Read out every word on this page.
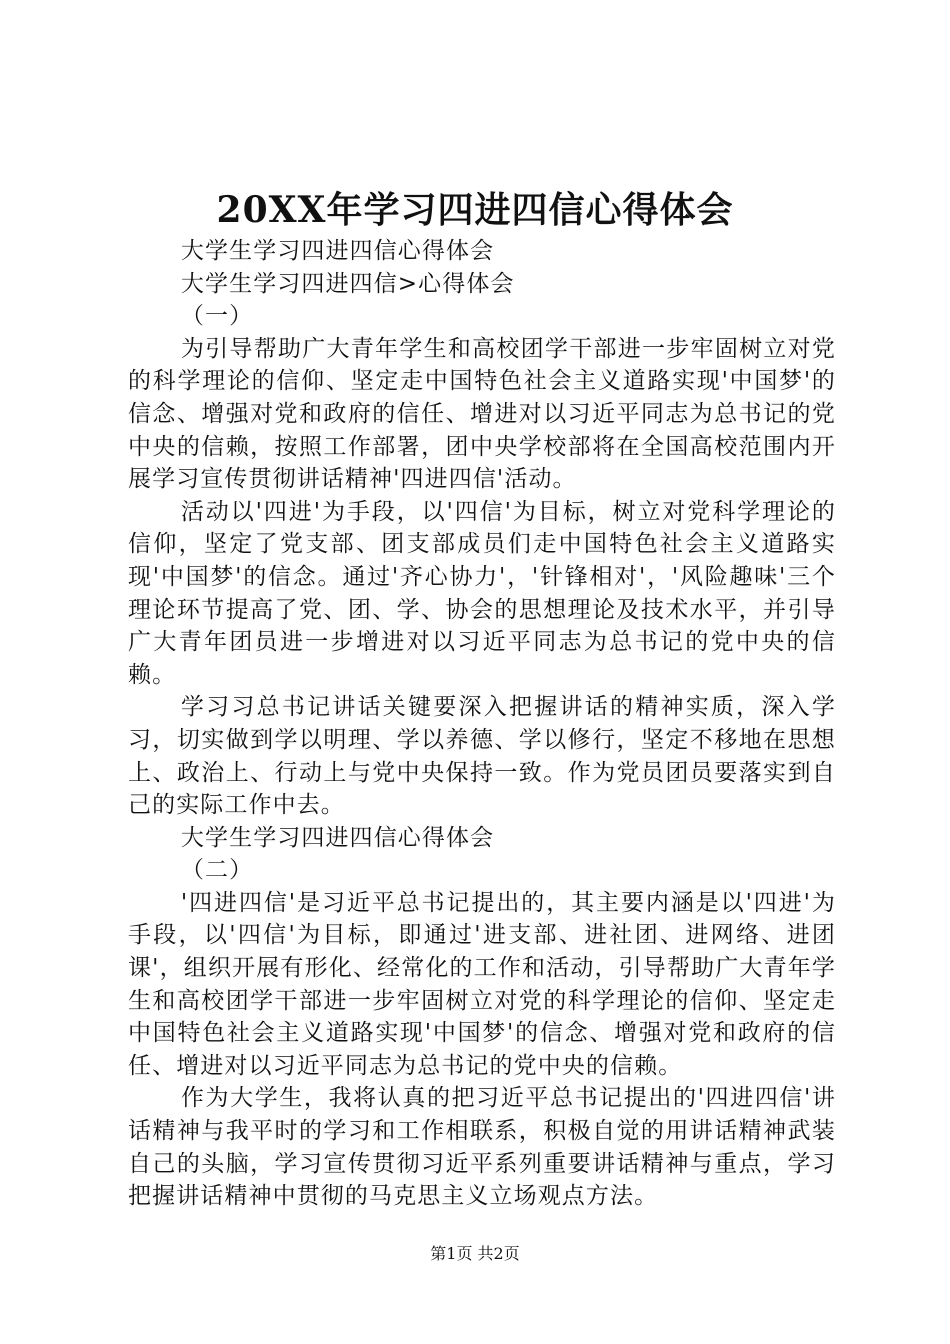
20XX年学习四进四信心得体会

大学生学习四进四信心得体会

大学生学习四进四信>心得体会

（一）

为引导帮助广大青年学生和高校团学干部进一步牢固树立对党的科学理论的信仰、坚定走中国特色社会主义道路实现'中国梦'的信念、增强对党和政府的信任、增进对以习近平同志为总书记的党中央的信赖，按照工作部署，团中央学校部将在全国高校范围内开展学习宣传贯彻讲话精神'四进四信'活动。

活动以'四进'为手段，以'四信'为目标，树立对党科学理论的信仰，坚定了党支部、团支部成员们走中国特色社会主义道路实现'中国梦'的信念。通过'齐心协力'，'针锋相对'，'风险趣味'三个理论环节提高了党、团、学、协会的思想理论及技术水平，并引导广大青年团员进一步增进对以习近平同志为总书记的党中央的信赖。

学习习总书记讲话关键要深入把握讲话的精神实质，深入学习，切实做到学以明理、学以养德、学以修行，坚定不移地在思想上、政治上、行动上与党中央保持一致。作为党员团员要落实到自己的实际工作中去。

大学生学习四进四信心得体会

（二）

'四进四信'是习近平总书记提出的，其主要内涵是以'四进'为手段，以'四信'为目标，即通过'进支部、进社团、进网络、进团课'，组织开展有形化、经常化的工作和活动，引导帮助广大青年学生和高校团学干部进一步牢固树立对党的科学理论的信仰、坚定走中国特色社会主义道路实现'中国梦'的信念、增强对党和政府的信任、增进对以习近平同志为总书记的党中央的信赖。

作为大学生，我将认真的把习近平总书记提出的'四进四信'讲话精神与我平时的学习和工作相联系，积极自觉的用讲话精神武装自己的头脑，学习宣传贯彻习近平系列重要讲话精神与重点，学习把握讲话精神中贯彻的马克思主义立场观点方法。

第1页 共2页
